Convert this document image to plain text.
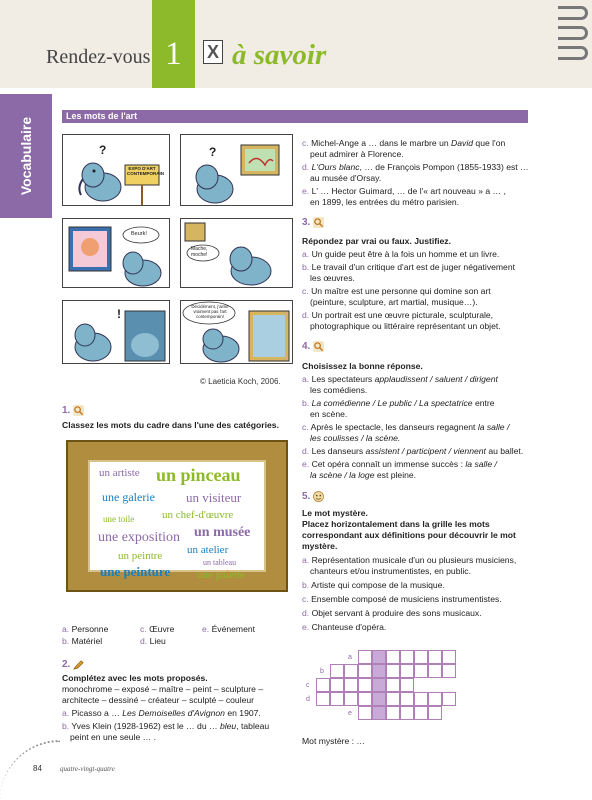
Rendez-vous 1	X à savoir
Vocabulaire
Les mots de l'art
EXPO D'ART CONTEMPORAIN
?	?
Beurk!
Mache, moche!
!
Décidément, j'aime vraiment pas l'art contemporain!
© Laeticia Koch, 2006.
1.
Classez les mots du cadre dans l'une des catégories.
un artiste un pinceau
une galerie un visiteur
une toile	un chef-d'œuvre
une exposition un musée
un peintre un atelier
un tableau
une peinture une palette
a. Personne
b. Matériel
c. Œuvre
d. Lieu
e. Événement
2.
Complétez avec les mots proposés.
monochrome – exposé – maître – peint – sculpture –
architecte – dessiné – créateur – sculpté – couleur
a. Picasso a … Les Demoiselles d'Avignon en 1907.
b. Yves Klein (1928-1962) est le … du … bleu, tableau
peint en une seule … .
c. Michel-Ange a … dans le marbre un David que l'on
peut admirer à Florence.
d. L'Ours blanc, … de François Pompon (1855-1933) est …
au musée d'Orsay.
e. L' … Hector Guimard, … de l'« art nouveau » a … ,
en 1899, les entrées du métro parisien.
3.
Répondez par vrai ou faux. Justifiez.
a. Un guide peut être à la fois un homme et un livre.
b. Le travail d'un critique d'art est de juger négativement
les œuvres.
c. Un maître est une personne qui domine son art
(peinture, sculpture, art martial, musique…).
d. Un portrait est une œuvre picturale, sculpturale,
photographique ou littéraire représentant un objet.
4.
Choisissez la bonne réponse.
a. Les spectateurs applaudissent / saluent / dirigent
les comédiens.
b. La comédienne / Le public / La spectatrice entre
en scène.
c. Après le spectacle, les danseurs regagnent la salle /
les coulisses / la scène.
d. Les danseurs assistent / participent / viennent au ballet.
e. Cet opéra connaît un immense succès : la salle /
la scène / la loge est pleine.
5.
Le mot mystère.
Placez horizontalement dans la grille les mots
correspondant aux définitions pour découvrir le mot
mystère.
a. Représentation musicale d'un ou plusieurs musiciens,
chanteurs et/ou instrumentistes, en public.
b. Artiste qui compose de la musique.
c. Ensemble composé de musiciens instrumentistes.
d. Objet servant à produire des sons musicaux.
e. Chanteuse d'opéra.
a
b
c
d
e
Mot mystère : …
84	quatre-vingt-quatre
